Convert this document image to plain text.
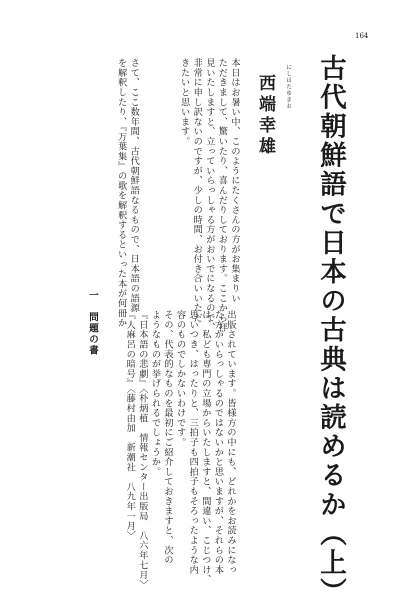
164
古代朝鮮語で日本の古典は読めるか（上）
にしはたゆきお
西端幸雄
本日はお暑い中、このようにたくさんの方がお集まりい
ただきまして、驚いたり、喜んだりしております。ここから拝
見いたしますと、立っていらっしゃる方がおいでになるので、
非常に申し訳ないのですが、少しの時間、お付き合いいただ
きたいと思います。

さて、ここ数年間、古代朝鮮語なるもので、日本語の語源
を解釈したり、『万葉集』の歌を解釈するといった本が何冊か
一　問題の書	出版されています。皆様方の中にも、どれかをお読みになっ
た方がいらっしゃるのではないかと思いますが、それらの本
は、私ども専門の立場からいたしますと、間違い、こじつけ、
思いつき、はったりと、三拍子も四拍子もそろったような内
容のものでしかないわけです。
その、代表的なものを最初にご紹介しておきますと、次の
ようなものが挙げられるでしょうか。
『日本語の悲劇』〈朴炳植　情報センター出版局　八六年七月〉
『人麻呂の暗号』〈藤村由加　新潮社　八九年一月〉
